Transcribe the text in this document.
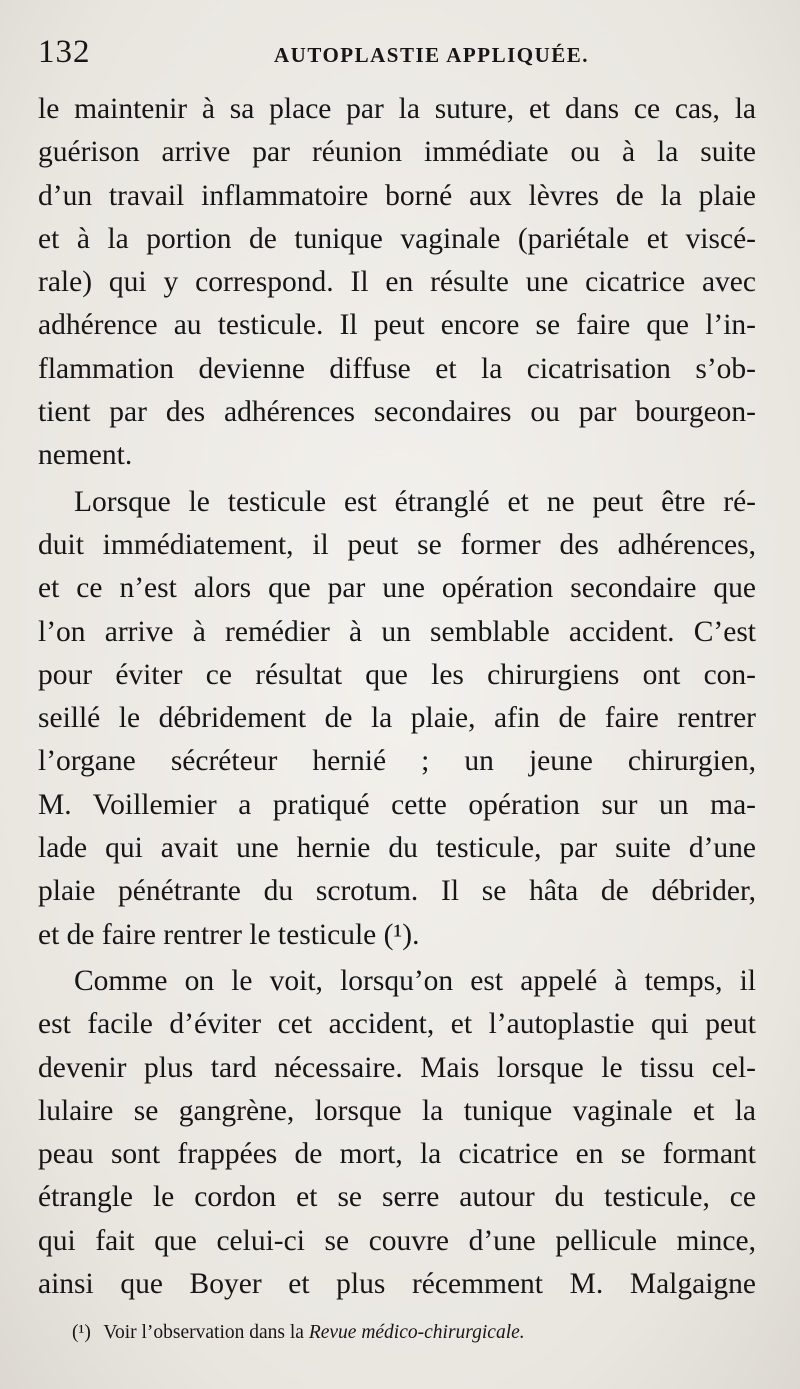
132	AUTOPLASTIE APPLIQUÉE.
le maintenir à sa place par la suture, et dans ce cas, la
guérison arrive par réunion immédiate ou à la suite
d’un travail inflammatoire borné aux lèvres de la plaie
et à la portion de tunique vaginale (pariétale et viscé-
rale) qui y correspond. Il en résulte une cicatrice avec
adhérence au testicule. Il peut encore se faire que l’in-
flammation devienne diffuse et la cicatrisation s’ob-
tient par des adhérences secondaires ou par bourgeon-
nement.
Lorsque le testicule est étranglé et ne peut être ré-
duit immédiatement, il peut se former des adhérences,
et ce n’est alors que par une opération secondaire que
l’on arrive à remédier à un semblable accident. C’est
pour éviter ce résultat que les chirurgiens ont con-
seillé le débridement de la plaie, afin de faire rentrer
l’organe sécréteur hernié ; un jeune chirurgien,
M. Voillemier a pratiqué cette opération sur un ma-
lade qui avait une hernie du testicule, par suite d’une
plaie pénétrante du scrotum. Il se hâta de débrider,
et de faire rentrer le testicule (¹).
Comme on le voit, lorsqu’on est appelé à temps, il
est facile d’éviter cet accident, et l’autoplastie qui peut
devenir plus tard nécessaire. Mais lorsque le tissu cel-
lulaire se gangrène, lorsque la tunique vaginale et la
peau sont frappées de mort, la cicatrice en se formant
étrangle le cordon et se serre autour du testicule, ce
qui fait que celui-ci se couvre d’une pellicule mince,
ainsi que Boyer et plus récemment M. Malgaigne
(¹) Voir l’observation dans la Revue médico-chirurgicale.
